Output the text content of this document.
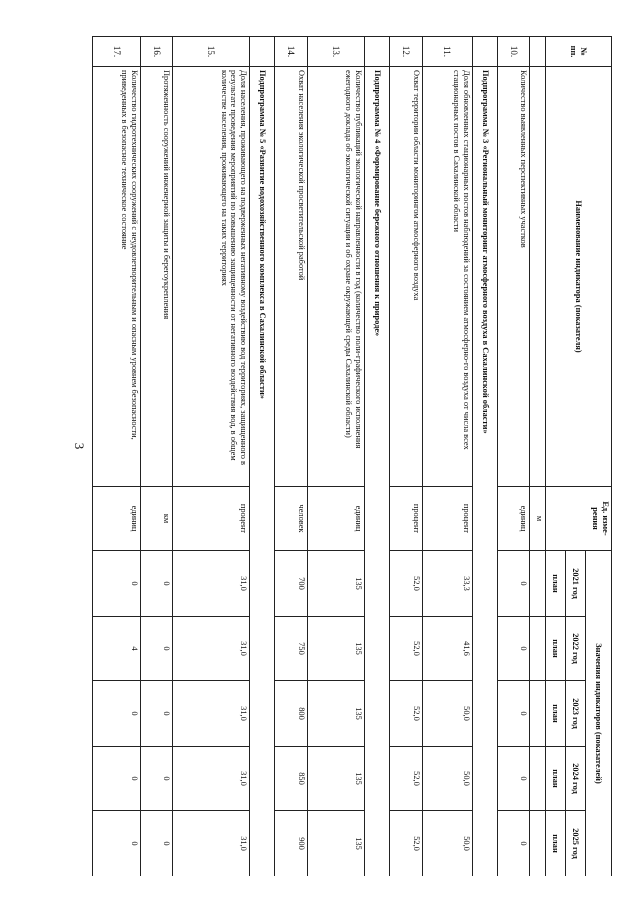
3
№
пп.	Наименование индикатора (показателя)	Ед. изме-
рения	Значения индикаторов (показателей)				
			2021 год	2022 год	2023 год	2024 год	2025 год
			план	план	план	план	план
		м					
10.	Количество выявленных перспективных участков	единиц	0	0	0	0	0
	Подпрограмма № 3 «Региональный мониторинг атмосферного воздуха в Сахалинской области»						
11.	Доля обновленных стационарных постов наблюдений за состоянием атмосферно-го воздуха от числа всех стационарных постов в Сахалинской области	процент	33,3	41,6	50,0	50,0	50,0
12.	Охват территории области мониторингом атмосферного воздуха	процент	52,0	52,0	52,0	52,0	52,0
	Подпрограмма № 4 «Формирование бережного отношения к природе»						
13.	Количество публикаций экологической направленности в год (количество поли-графического исполнения ежегодного доклада об экологической ситуации и об охране окружающей среды Сахалинской области)	единиц	135	135	135	135	135
14.	Охват населения экологической просветительской работой	человек	700	750	800	850	900
	Подпрограмма № 5 «Развитие водохозяйственного комплекса в Сахалинской области»						
15.	Доля населения, проживающего на подверженных негативному воздействию вод территориях, защищенного в результате проведения мероприятий по повышению защищенности от негативного воздействия вод, в общем количестве населения, проживающего на таких территориях	процент	31,0	31,0	31,0	31,0	31,0
16.	Протяженность сооружений инженерной защиты и берегоукрепления	км	0	0	0	0	0
17.	Количество гидротехнических сооружений с неудовлетворительным и опасным уровнем безопасности, приведенных в безопасное техническое состояние	единиц	0	4	0	0	0
